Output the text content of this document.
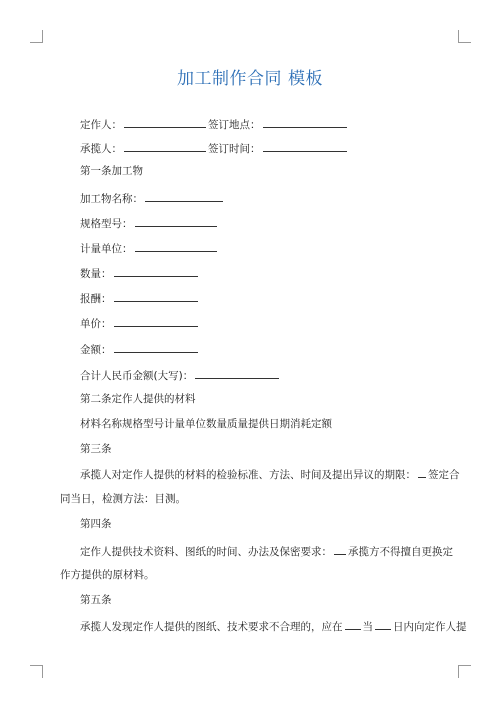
加工制作合同 模板
定作人：	签订地点：
承揽人：	签订时间：
第一条加工物
加工物名称：
规格型号：
计量单位：
数量：
报酬：
单价：
金额：
合计人民币金额(大写)：
第二条定作人提供的材料
材料名称规格型号计量单位数量质量提供日期消耗定额
第三条
承揽人对定作人提供的材料的检验标准、方法、时间及提出异议的期限： 签定合
同当日，检测方法：目测。
第四条
定作人提供技术资料、图纸的时间、办法及保密要求： 承揽方不得擅自更换定
作方提供的原材料。
第五条
承揽人发现定作人提供的图纸、技术要求不合理的，应在 当 日内向定作人提
